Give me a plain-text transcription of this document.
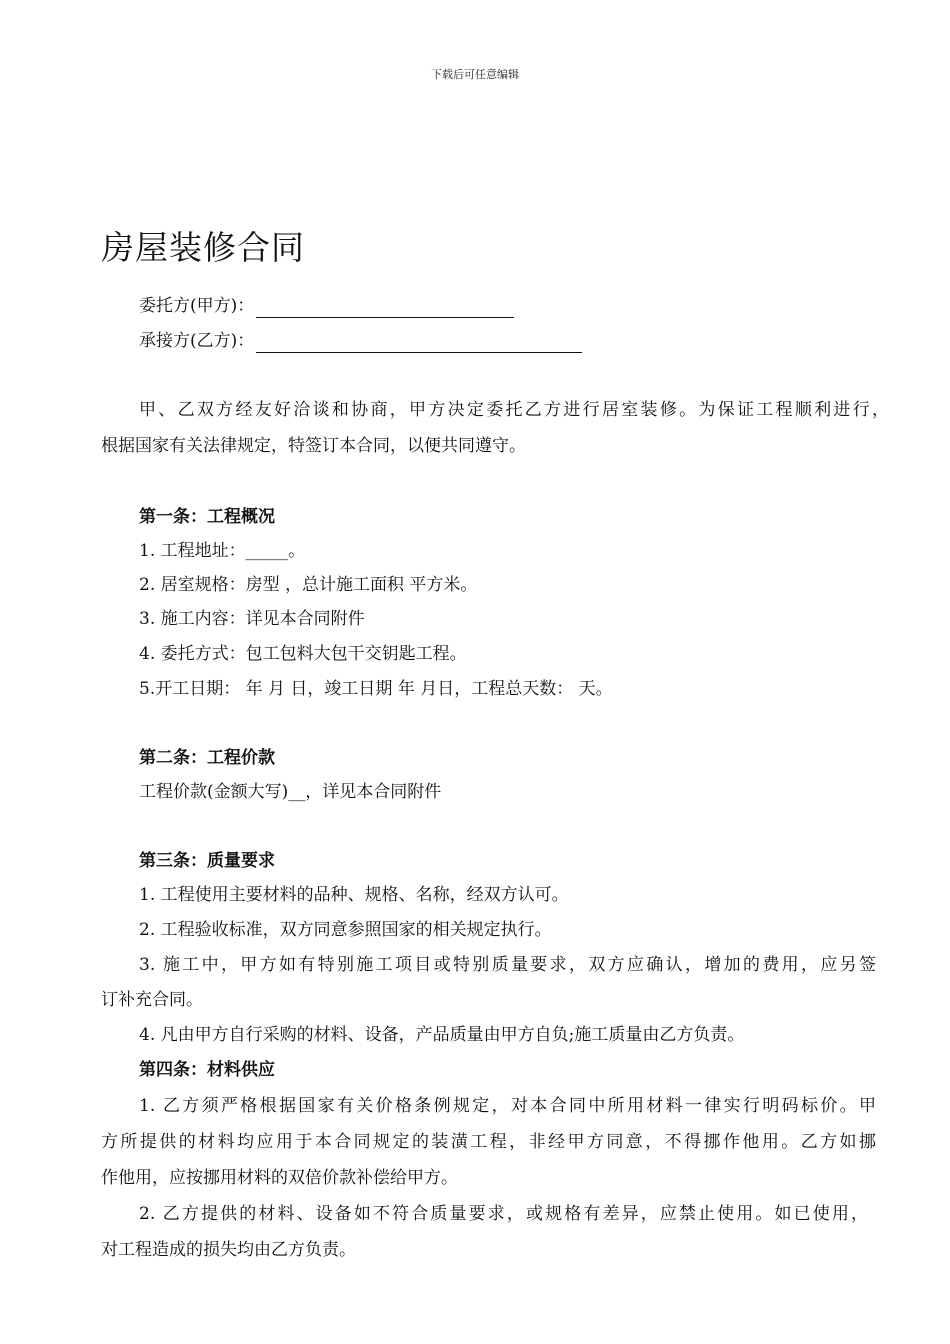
下载后可任意编辑
房屋装修合同
委托方(甲方)：
承接方(乙方)：
甲、乙双方经友好洽谈和协商，甲方决定委托乙方进行居室装修。为保证工程顺利进行，
根据国家有关法律规定，特签订本合同，以便共同遵守。
第一条：工程概况
1. 工程地址：_____。
2. 居室规格：房型 ，总计施工面积 平方米。
3. 施工内容：详见本合同附件
4. 委托方式：包工包料大包干交钥匙工程。
5.开工日期： 年 月 日，竣工日期 年 月日，工程总天数： 天。
第二条：工程价款
工程价款(金额大写)__，详见本合同附件
第三条：质量要求
1. 工程使用主要材料的品种、规格、名称，经双方认可。
2. 工程验收标准，双方同意参照国家的相关规定执行。
3. 施工中，甲方如有特别施工项目或特别质量要求，双方应确认，增加的费用，应另签
订补充合同。
4. 凡由甲方自行采购的材料、设备，产品质量由甲方自负;施工质量由乙方负责。
第四条：材料供应
1. 乙方须严格根据国家有关价格条例规定，对本合同中所用材料一律实行明码标价。甲
方所提供的材料均应用于本合同规定的装潢工程，非经甲方同意，不得挪作他用。乙方如挪
作他用，应按挪用材料的双倍价款补偿给甲方。
2. 乙方提供的材料、设备如不符合质量要求，或规格有差异，应禁止使用。如已使用，
对工程造成的损失均由乙方负责。
